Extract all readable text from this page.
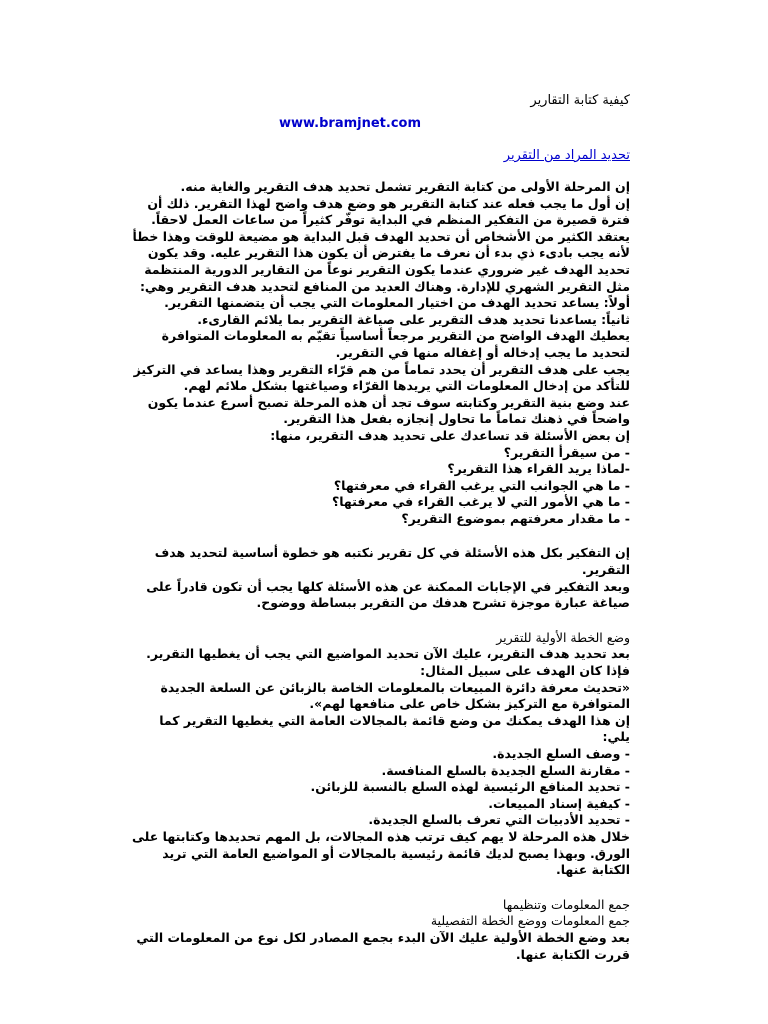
كيفية كتابة التقارير
www.bramjnet.com
تحديد المراد من التقرير

إن المرحلة الأولى من كتابة التقرير تشمل تحديد هدف التقرير والغاية منه.

إن أول ما يجب فعله عند كتابة التقرير هو وضع هدف واضح لهذا التقرير. ذلك أن فترة قصيرة من التفكير المنظم في البداية توفّر كثيراً من ساعات العمل لاحقاً.

يعتقد الكثير من الأشخاص أن تحديد الهدف قبل البداية هو مضيعة للوقت وهذا خطأ لأنه يجب بادىء ذي بدء أن نعرف ما يفترض أن يكون هذا التقرير عليه. وقد يكون تحديد الهدف غير ضروري عندما يكون التقرير نوعاً من التقارير الدورية المنتظمة مثل التقرير الشهري للإدارة. وهناك العديد من المنافع لتحديد هدف التقرير وهي:

أولاً: يساعد تحديد الهدف من اختيار المعلومات التي يجب أن يتضمنها التقرير.

ثانياً: يساعدنا تحديد هدف التقرير على صياغة التقرير بما يلائم القارىء.

يعطيك الهدف الواضح من التقرير مرجعاً أساسياً تقيّم به المعلومات المتوافرة لتحديد ما يجب إدخاله أو إغفاله منها في التقرير.

يجب على هدف التقرير أن يحدد تماماً من هم قرّاء التقرير وهذا يساعد في التركيز للتأكد من إدخال المعلومات التي يريدها القرّاء وصياغتها بشكل ملائم لهم.

عند وضع بنية التقرير وكتابته سوف تجد أن هذه المرحلة تصبح أسرع عندما يكون واضحاً في ذهنك تماماً ما تحاول إنجازه بفعل هذا التقرير.

إن بعض الأسئلة قد تساعدك على تحديد هدف التقرير، منها:

- من سيقرأ التقرير؟

-لماذا يريد القراء هذا التقرير؟

- ما هي الجوانب التي يرغب القراء في معرفتها؟

- ما هي الأمور التي لا يرغب القراء في معرفتها؟

- ما مقدار معرفتهم بموضوع التقرير؟

إن التفكير بكل هذه الأسئلة في كل تقرير نكتبه هو خطوة أساسية لتحديد هدف التقرير.

وبعد التفكير في الإجابات الممكنة عن هذه الأسئلة كلها يجب أن تكون قادراً على صياغة عبارة موجزة تشرح هدفك من التقرير ببساطة ووضوح.

وضع الخطة الأولية للتقرير

بعد تحديد هدف التقرير، عليك الآن تحديد المواضيع التي يجب أن يغطيها التقرير.

فإذا كان الهدف على سبيل المثال:

«تحديث معرفة دائرة المبيعات بالمعلومات الخاصة بالزبائن عن السلعة الجديدة المتوافرة مع التركيز بشكل خاص على منافعها لهم».

إن هذا الهدف يمكنك من وضع قائمة بالمجالات العامة التي يغطيها التقرير كما يلي:

- وصف السلع الجديدة.

- مقارنة السلع الجديدة بالسلع المنافسة.

- تحديد المنافع الرئيسية لهذه السلع بالنسبة للزبائن.

- كيفية إسناد المبيعات.

- تحديد الأدبيات التي تعرف بالسلع الجديدة.

خلال هذه المرحلة لا يهم كيف ترتب هذه المجالات، بل المهم تحديدها وكتابتها على الورق. وبهذا يصبح لديك قائمة رئيسية بالمجالات أو المواضيع العامة التي تريد الكتابة عنها.

جمع المعلومات وتنظيمها

جمع المعلومات ووضع الخطة التفصيلية

بعد وضع الخطة الأولية عليك الآن البدء بجمع المصادر لكل نوع من المعلومات التي قررت الكتابة عنها.
